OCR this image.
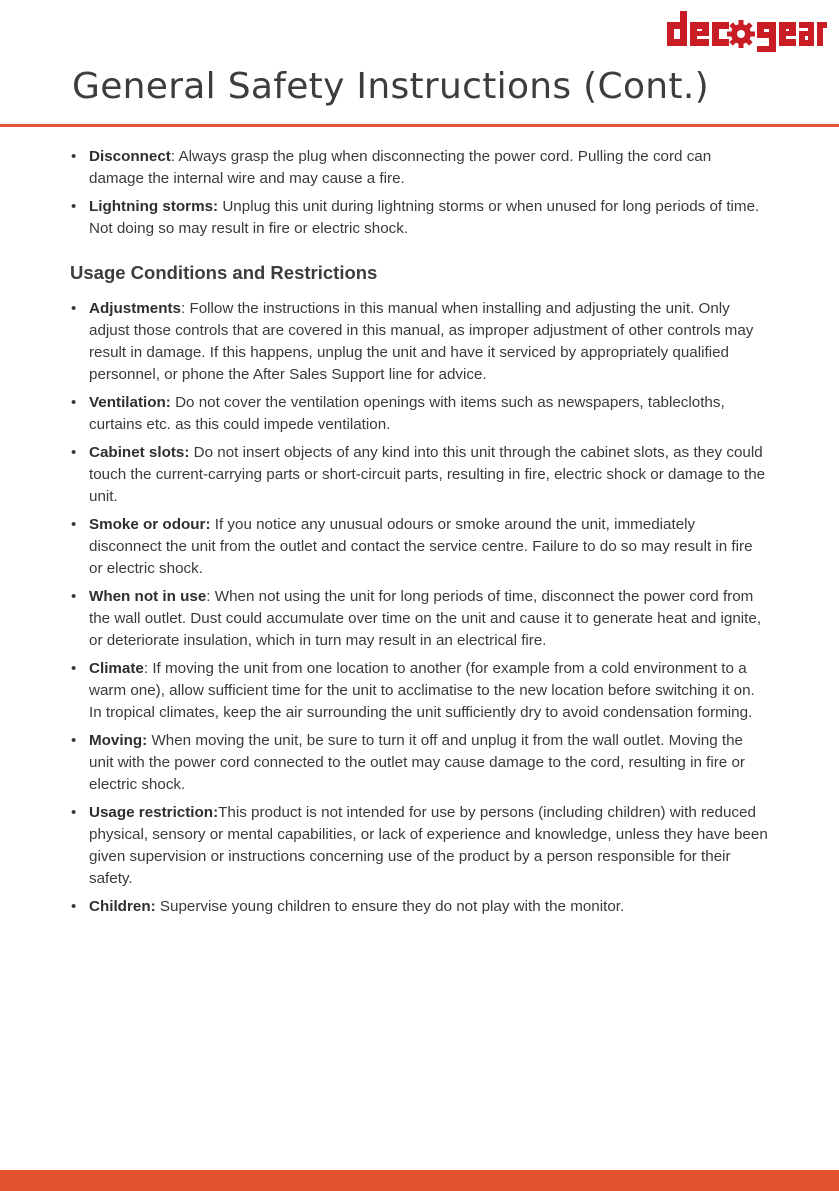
General Safety Instructions (Cont.)
• Disconnect: Always grasp the plug when disconnecting the power cord. Pulling the cord can damage the internal wire and may cause a fire.
• Lightning storms: Unplug this unit during lightning storms or when unused for long periods of time. Not doing so may result in fire or electric shock.
Usage Conditions and Restrictions
• Adjustments: Follow the instructions in this manual when installing and adjusting the unit. Only adjust those controls that are covered in this manual, as improper adjustment of other controls may result in damage. If this happens, unplug the unit and have it serviced by appropriately qualified personnel, or phone the After Sales Support line for advice.
• Ventilation: Do not cover the ventilation openings with items such as newspapers, tablecloths, curtains etc. as this could impede ventilation.
• Cabinet slots: Do not insert objects of any kind into this unit through the cabinet slots, as they could touch the current-carrying parts or short-circuit parts, resulting in fire, electric shock or damage to the unit.
• Smoke or odour: If you notice any unusual odours or smoke around the unit, immediately disconnect the unit from the outlet and contact the service centre. Failure to do so may result in fire or electric shock.
• When not in use: When not using the unit for long periods of time, disconnect the power cord from the wall outlet. Dust could accumulate over time on the unit and cause it to generate heat and ignite, or deteriorate insulation, which in turn may result in an electrical fire.
• Climate: If moving the unit from one location to another (for example from a cold environment to a warm one), allow sufficient time for the unit to acclimatise to the new location before switching it on. In tropical climates, keep the air surrounding the unit sufficiently dry to avoid condensation forming.
• Moving: When moving the unit, be sure to turn it off and unplug it from the wall outlet. Moving the unit with the power cord connected to the outlet may cause damage to the cord, resulting in fire or electric shock.
• Usage restriction:This product is not intended for use by persons (including children) with reduced physical, sensory or mental capabilities, or lack of experience and knowledge, unless they have been given supervision or instructions concerning use of the product by a person responsible for their safety.
• Children: Supervise young children to ensure they do not play with the monitor.
